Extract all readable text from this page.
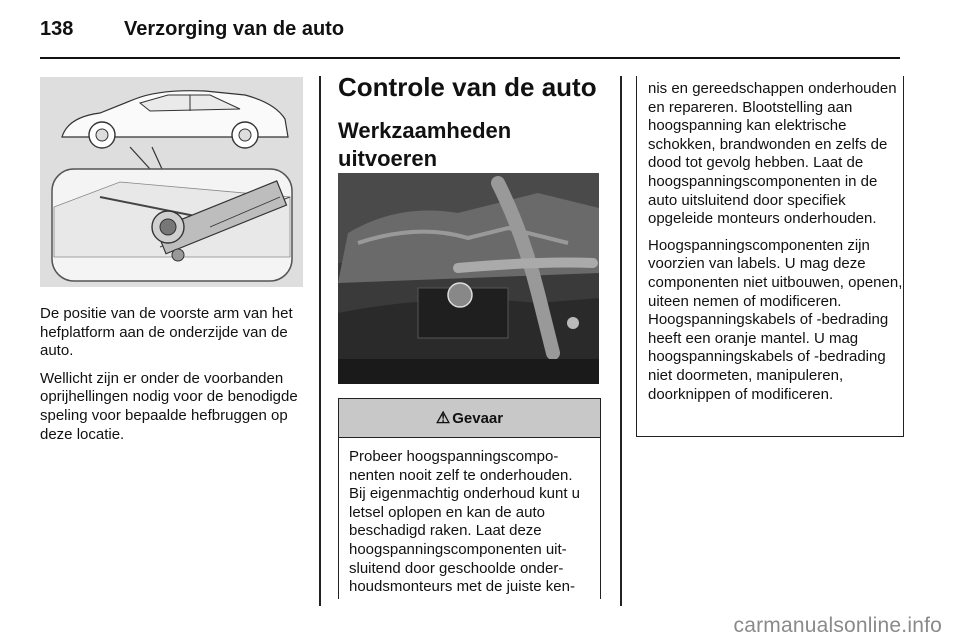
138	Verzorging van de auto

De positie van de voorste arm van het hefplatform aan de onderzijde van de auto.

Wellicht zijn er onder de voorbanden oprijhellingen nodig voor de benodigde speling voor bepaalde hefbruggen op deze locatie.

Controle van de auto
Werkzaamheden uitvoeren
⚠ Gevaar
Probeer hoogspanningscomponenten nooit zelf te onderhouden. Bij eigenmachtig onderhoud kunt u letsel oplopen en kan de auto beschadigd raken. Laat deze hoogspanningscomponenten uitsluitend door geschoolde onderhoudsmonteurs met de juiste ken-

nis en gereedschappen onderhouden en repareren. Blootstelling aan hoogspanning kan elektrische schokken, brandwonden en zelfs de dood tot gevolg hebben. Laat de hoogspanningscomponenten in de auto uitsluitend door specifiek opgeleide monteurs onderhouden.

Hoogspanningscomponenten zijn voorzien van labels. U mag deze componenten niet uitbouwen, openen, uiteen nemen of modificeren. Hoogspanningskabels of -bedrading heeft een oranje mantel. U mag hoogspanningskabels of -bedrading niet doormeten, manipuleren, doorknippen of modificeren.

carmanualsonline.info
